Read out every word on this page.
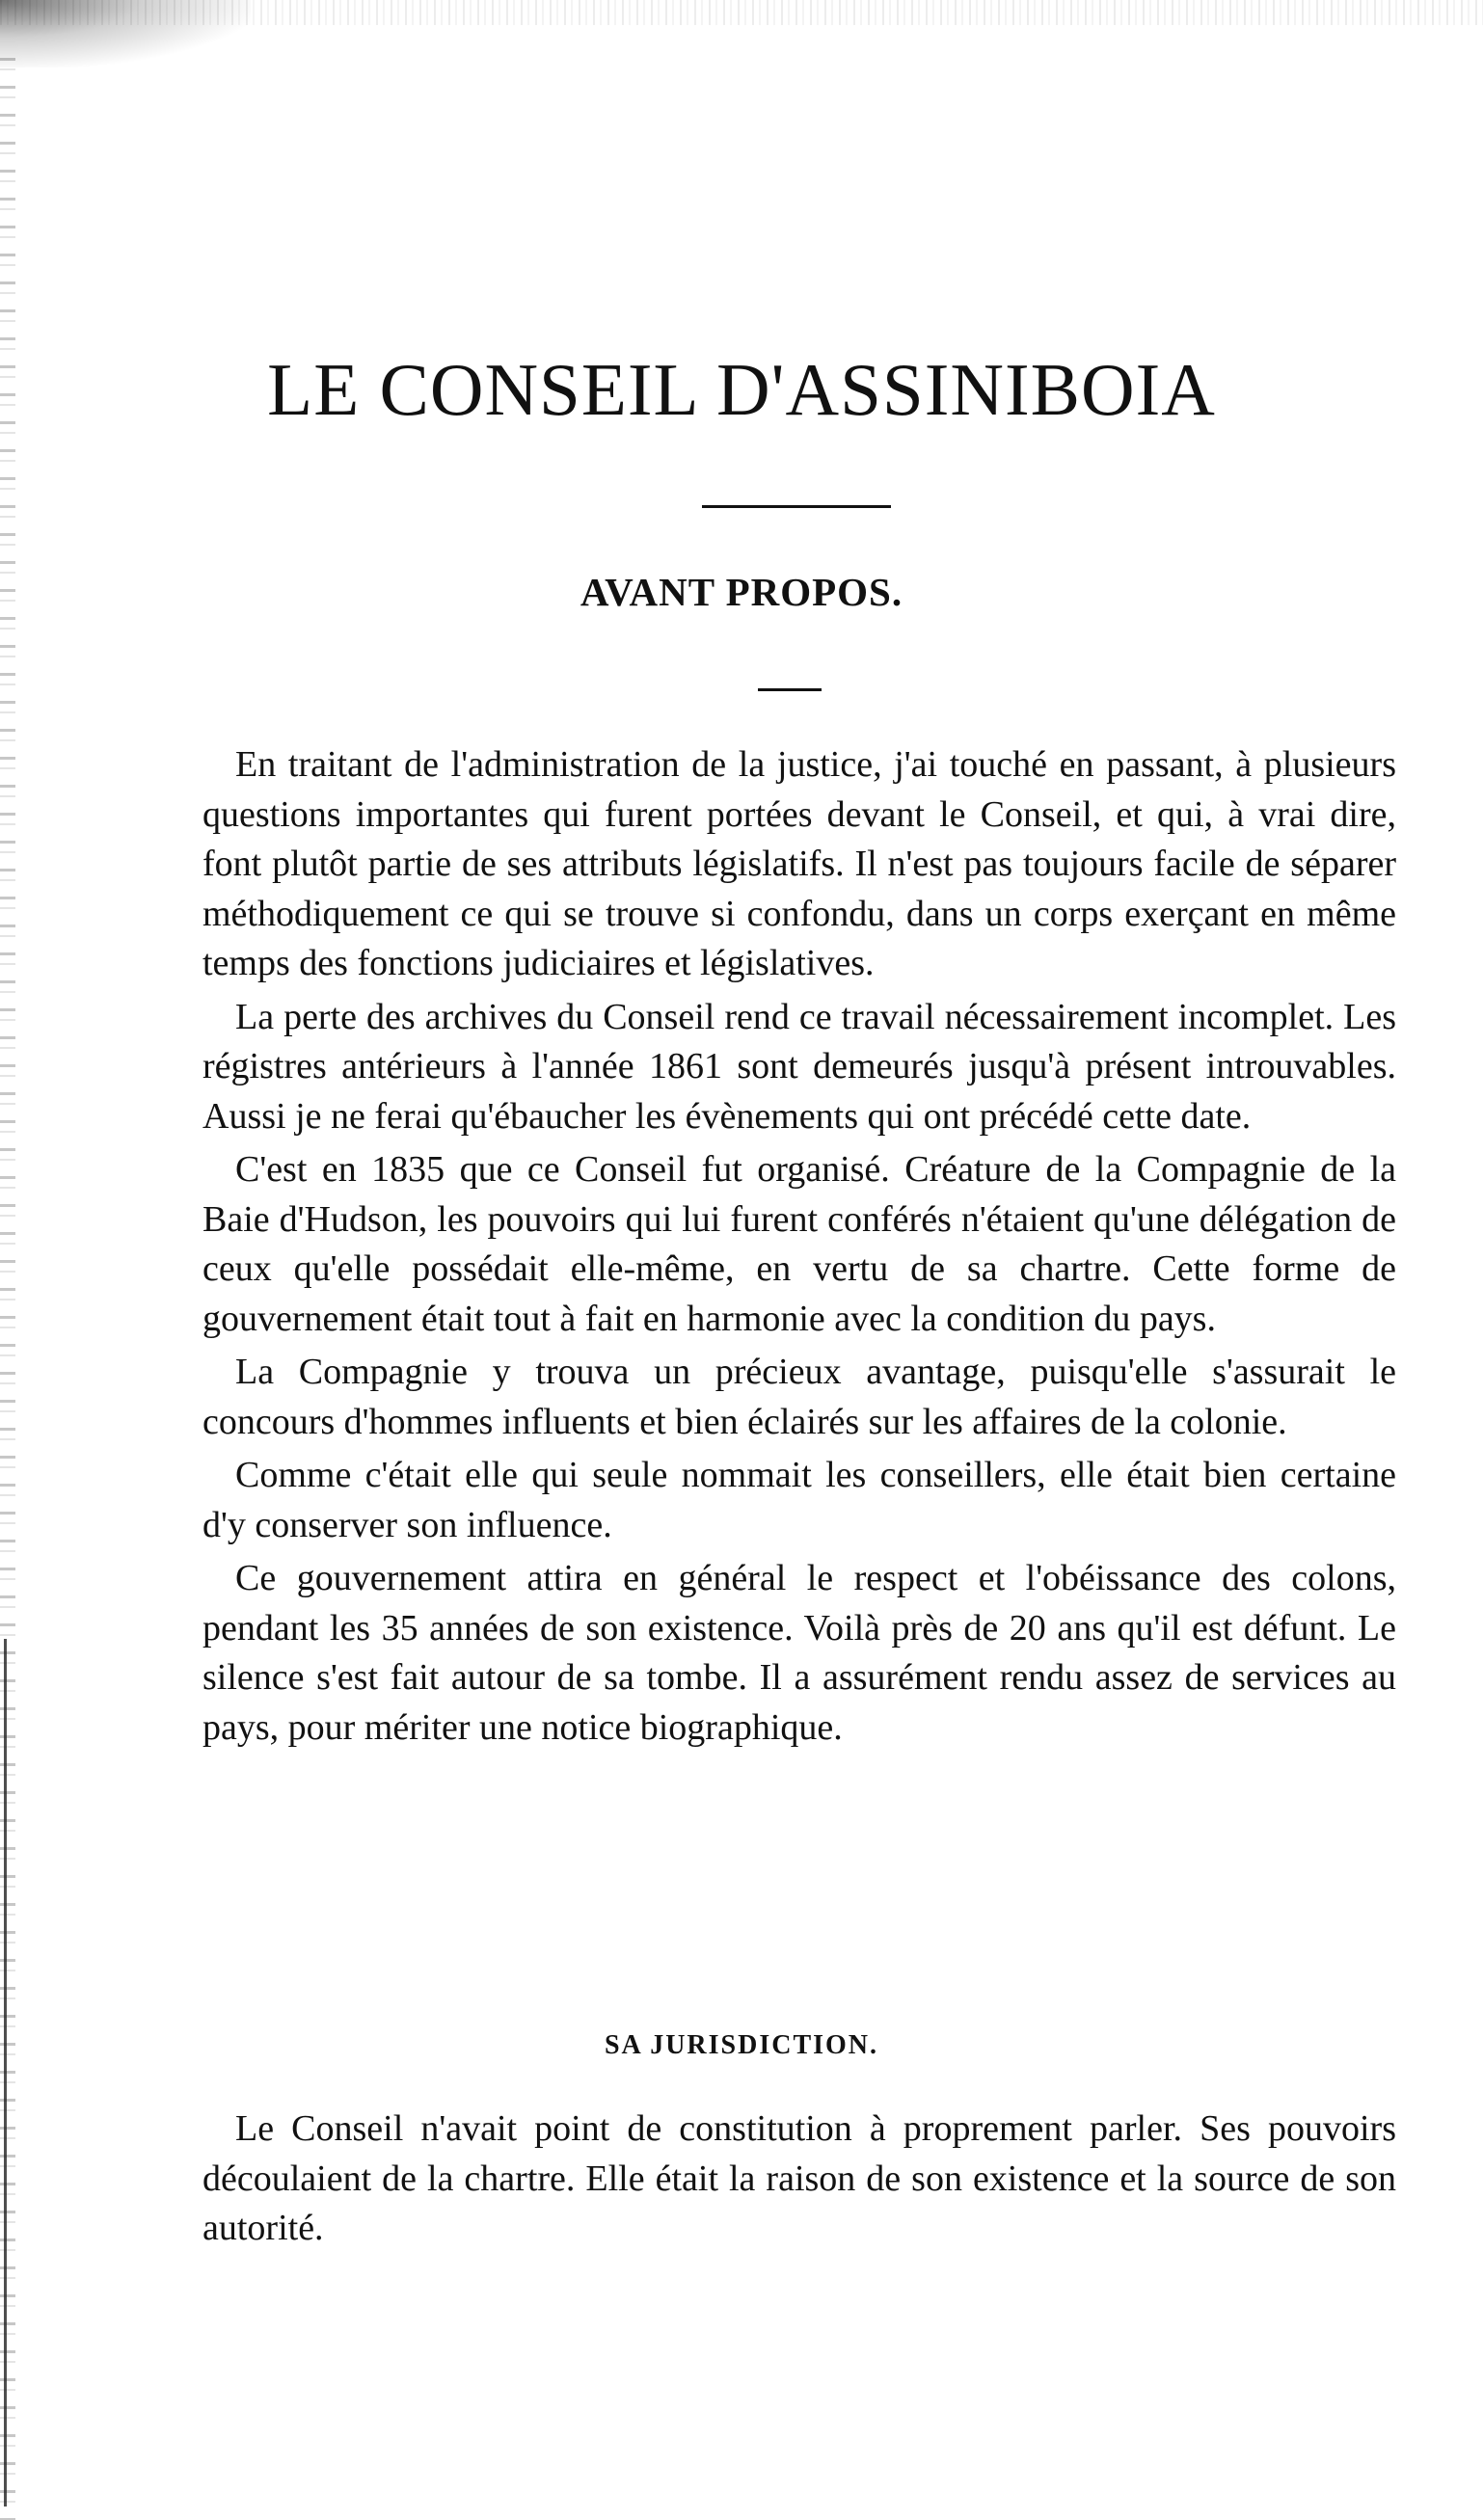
LE CONSEIL D'ASSINIBOIA
AVANT PROPOS.

En traitant de l'administration de la justice, j'ai touché en passant, à plusieurs questions importantes qui furent portées devant le Conseil, et qui, à vrai dire, font plutôt partie de ses attributs législatifs. Il n'est pas toujours facile de séparer méthodiquement ce qui se trouve si confondu, dans un corps exerçant en même temps des fonctions judiciaires et législatives.

La perte des archives du Conseil rend ce travail nécessairement incomplet. Les régistres antérieurs à l'année 1861 sont demeurés jusqu'à présent introuvables. Aussi je ne ferai qu'ébaucher les évènements qui ont précédé cette date.

C'est en 1835 que ce Conseil fut organisé. Créature de la Compagnie de la Baie d'Hudson, les pouvoirs qui lui furent conférés n'étaient qu'une délégation de ceux qu'elle possédait elle-même, en vertu de sa chartre. Cette forme de gouvernement était tout à fait en harmonie avec la condition du pays.

La Compagnie y trouva un précieux avantage, puisqu'elle s'assurait le concours d'hommes influents et bien éclairés sur les affaires de la colonie.

Comme c'était elle qui seule nommait les conseillers, elle était bien certaine d'y conserver son influence.

Ce gouvernement attira en général le respect et l'obéissance des colons, pendant les 35 années de son existence. Voilà près de 20 ans qu'il est défunt. Le silence s'est fait autour de sa tombe. Il a assurément rendu assez de services au pays, pour mériter une notice biographique.

SA JURISDICTION.

Le Conseil n'avait point de constitution à proprement parler. Ses pouvoirs découlaient de la chartre. Elle était la raison de son existence et la source de son autorité.
